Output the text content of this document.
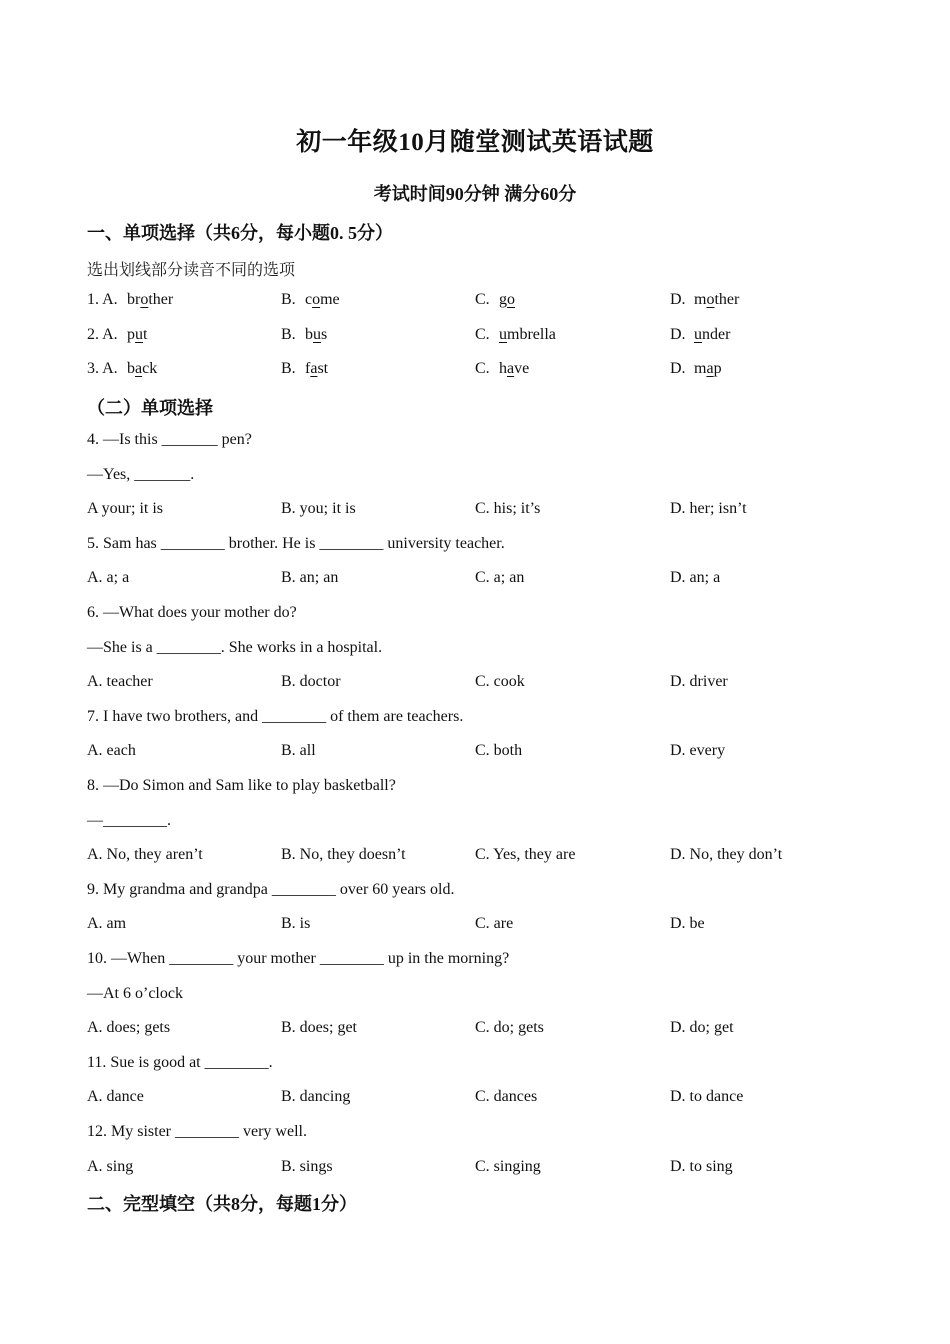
初一年级10月随堂测试英语试题
考试时间90分钟 满分60分
一、单项选择（共6分，每小题0. 5分）
选出划线部分读音不同的选项
1. A. brother	B. come	C. go	D. mother
2. A. put	B. bus	C. umbrella	D. under
3. A. back	B. fast	C. have	D. map
（二）单项选择
4. —Is this _______ pen?
—Yes, _______.
A your; it is	B. you; it is	C. his; it’s	D. her; isn’t
5. Sam has ________ brother. He is ________ university teacher.
A. a; a	B. an; an	C. a; an	D. an; a
6. —What does your mother do?
—She is a ________. She works in a hospital.
A. teacher	B. doctor	C. cook	D. driver
7. I have two brothers, and ________ of them are teachers.
A. each	B. all	C. both	D. every
8. —Do Simon and Sam like to play basketball?
—________.
A. No, they aren’t	B. No, they doesn’t	C. Yes, they are	D. No, they don’t
9. My grandma and grandpa ________ over 60 years old.
A. am	B. is	C. are	D. be
10. —When ________ your mother ________ up in the morning?
—At 6 o’clock
A. does; gets	B. does; get	C. do; gets	D. do; get
11. Sue is good at ________.
A. dance	B. dancing	C. dances	D. to dance
12. My sister ________ very well.
A. sing	B. sings	C. singing	D. to sing
二、完型填空（共8分，每题1分）
